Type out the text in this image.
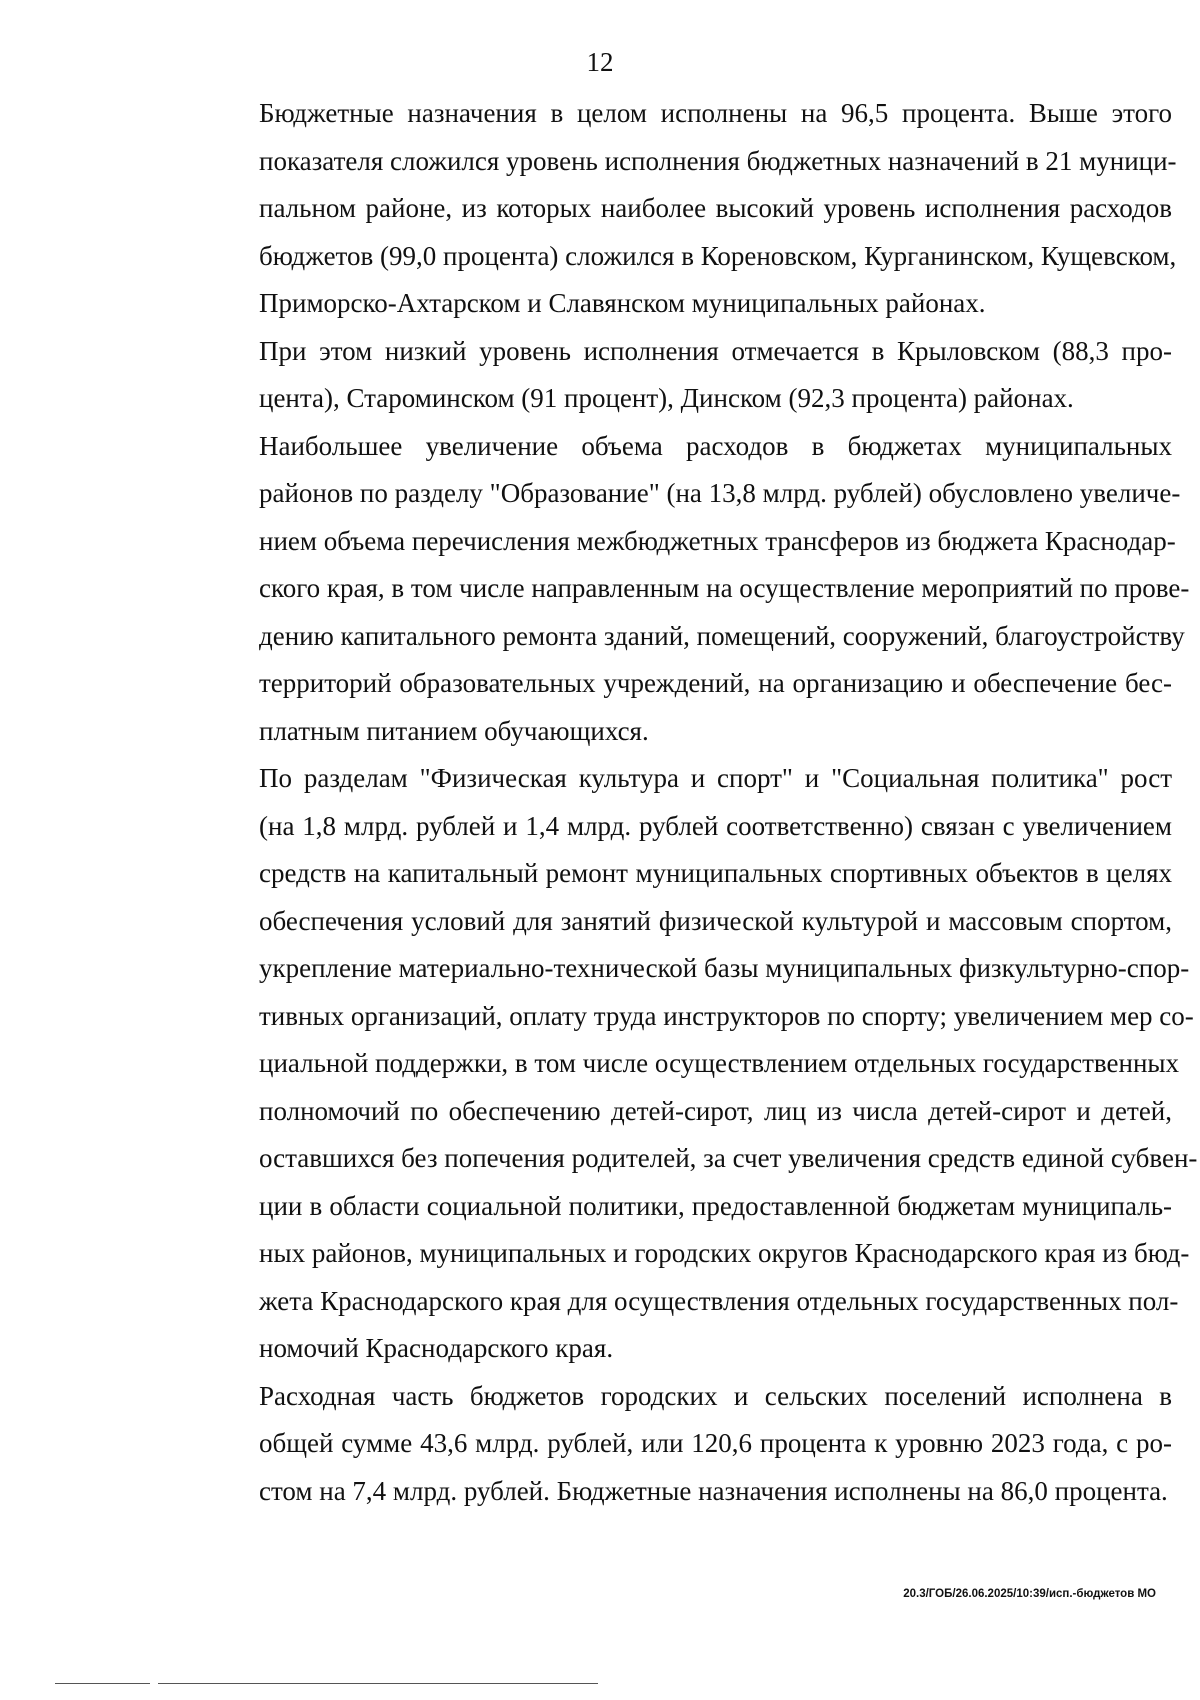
12

Бюджетные назначения в целом исполнены на 96,5 процента. Выше этого
показателя сложился уровень исполнения бюджетных назначений в 21 муници-
пальном районе, из которых наиболее высокий уровень исполнения расходов
бюджетов (99,0 процента) сложился в Кореновском, Курганинском, Кущевском,
Приморско-Ахтарском и Славянском муниципальных районах.

При этом низкий уровень исполнения отмечается в Крыловском (88,3 про-
цента), Староминском (91 процент), Динском (92,3 процента) районах.

Наибольшее увеличение объема расходов в бюджетах муниципальных
районов по разделу "Образование" (на 13,8 млрд. рублей) обусловлено увеличе-
нием объема перечисления межбюджетных трансферов из бюджета Краснодар-
ского края, в том числе направленным на осуществление мероприятий по прове-
дению капитального ремонта зданий, помещений, сооружений, благоустройству
территорий образовательных учреждений, на организацию и обеспечение бес-
платным питанием обучающихся.

По разделам "Физическая культура и спорт" и "Социальная политика" рост
(на 1,8 млрд. рублей и 1,4 млрд. рублей соответственно) связан с увеличением
средств на капитальный ремонт муниципальных спортивных объектов в целях
обеспечения условий для занятий физической культурой и массовым спортом,
укрепление материально-технической базы муниципальных физкультурно-спор-
тивных организаций, оплату труда инструкторов по спорту; увеличением мер со-
циальной поддержки, в том числе осуществлением отдельных государственных
полномочий по обеспечению детей-сирот, лиц из числа детей-сирот и детей,
оставшихся без попечения родителей, за счет увеличения средств единой субвен-
ции в области социальной политики, предоставленной бюджетам муниципаль-
ных районов, муниципальных и городских округов Краснодарского края из бюд-
жета Краснодарского края для осуществления отдельных государственных пол-
номочий Краснодарского края.

Расходная часть бюджетов городских и сельских поселений исполнена в
общей сумме 43,6 млрд. рублей, или 120,6 процента к уровню 2023 года, с ро-
стом на 7,4 млрд. рублей. Бюджетные назначения исполнены на 86,0 процента.

20.3/ГОБ/26.06.2025/10:39/исп.-бюджетов МО
